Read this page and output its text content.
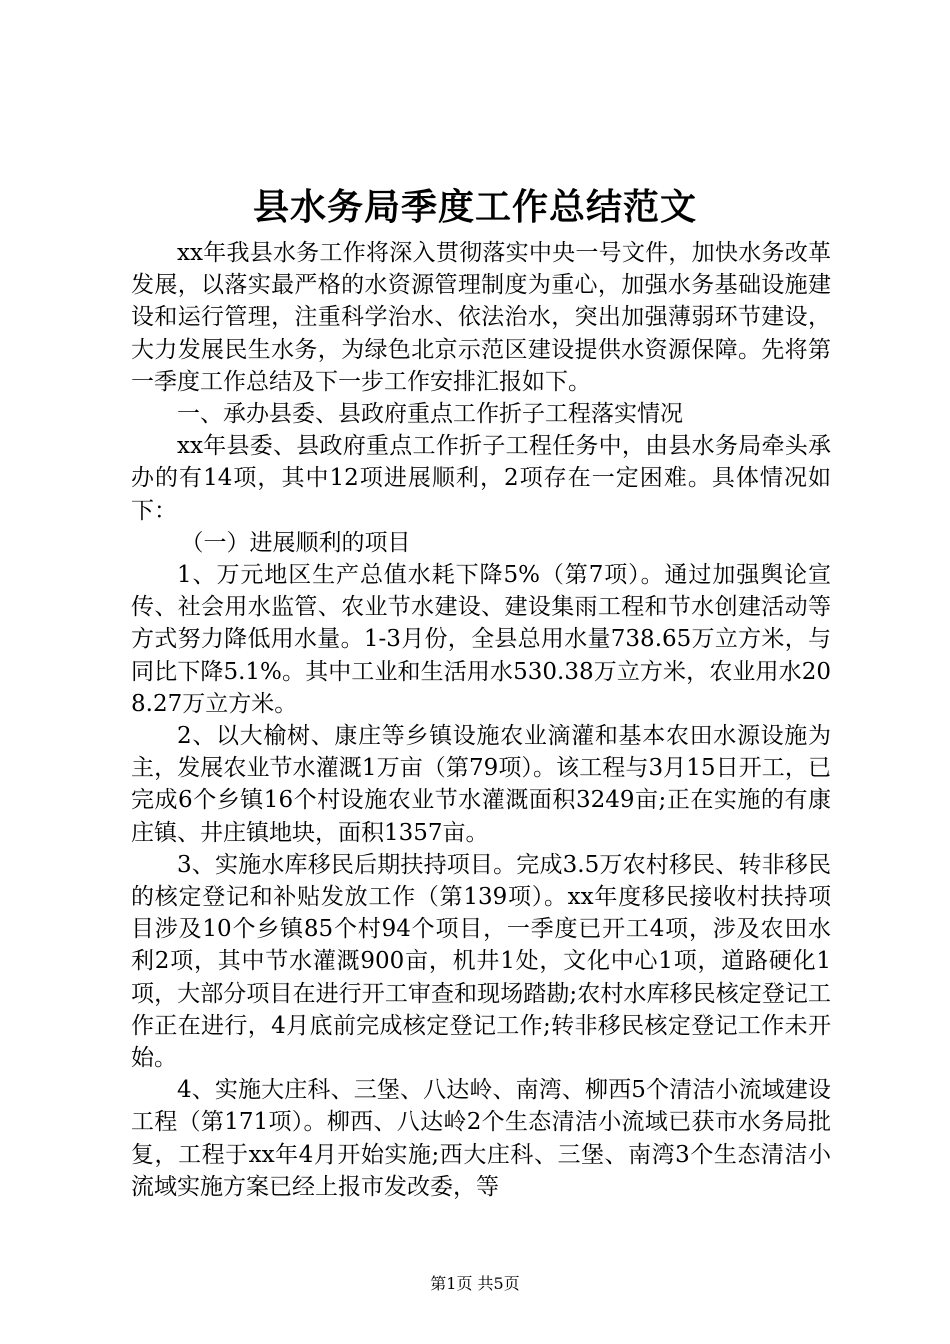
县水务局季度工作总结范文

xx年我县水务工作将深入贯彻落实中央一号文件，加快水务改革发展，以落实最严格的水资源管理制度为重心，加强水务基础设施建设和运行管理，注重科学治水、依法治水，突出加强薄弱环节建设，大力发展民生水务，为绿色北京示范区建设提供水资源保障。先将第一季度工作总结及下一步工作安排汇报如下。

一、承办县委、县政府重点工作折子工程落实情况

xx年县委、县政府重点工作折子工程任务中，由县水务局牵头承办的有14项，其中12项进展顺利，2项存在一定困难。具体情况如下：

（一）进展顺利的项目

1、万元地区生产总值水耗下降5%（第7项）。通过加强舆论宣传、社会用水监管、农业节水建设、建设集雨工程和节水创建活动等方式努力降低用水量。1-3月份，全县总用水量738.65万立方米，与同比下降5.1%。其中工业和生活用水530.38万立方米，农业用水208.27万立方米。

2、以大榆树、康庄等乡镇设施农业滴灌和基本农田水源设施为主，发展农业节水灌溉1万亩（第79项）。该工程与3月15日开工，已完成6个乡镇16个村设施农业节水灌溉面积3249亩;正在实施的有康庄镇、井庄镇地块，面积1357亩。

3、实施水库移民后期扶持项目。完成3.5万农村移民、转非移民的核定登记和补贴发放工作（第139项）。xx年度移民接收村扶持项目涉及10个乡镇85个村94个项目，一季度已开工4项，涉及农田水利2项，其中节水灌溉900亩，机井1处，文化中心1项，道路硬化1项，大部分项目在进行开工审查和现场踏勘;农村水库移民核定登记工作正在进行，4月底前完成核定登记工作;转非移民核定登记工作未开始。

4、实施大庄科、三堡、八达岭、南湾、柳西5个清洁小流域建设工程（第171项）。柳西、八达岭2个生态清洁小流域已获市水务局批复，工程于xx年4月开始实施;西大庄科、三堡、南湾3个生态清洁小流域实施方案已经上报市发改委，等

第1页 共5页
